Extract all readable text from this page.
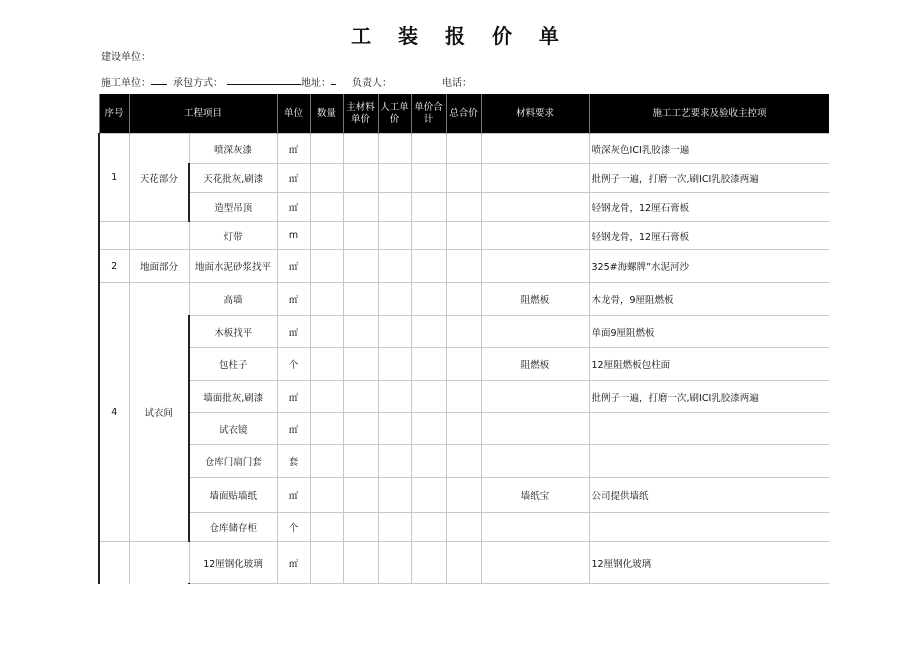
工 装 报 价 单
建设单位：
施工单位： 承包方式：	地址： 负责人：	电话：
序号	工程项目		单位	数量	主材料单价	人工单价	单价合计	总合价	材料要求	施工工艺要求及验收主控项
1	天花部分	喷深灰漆	㎡							喷深灰色ICI乳胶漆一遍
		天花批灰,刷漆	㎡							批例子一遍，打磨一次,刷ICI乳胶漆两遍
		造型吊顶	㎡							轻钢龙骨，12厘石膏板
		灯带	m							轻钢龙骨，12厘石膏板
2	地面部分	地面水泥砂浆找平	㎡							325#海螺牌”水泥河沙
4	试衣间	高墙	㎡						阻燃板	木龙骨，9厘阻燃板
		木板找平	㎡							单面9厘阻燃板
		包柱子	个						阻燃板	12厘阻燃板包柱面
		墙面批灰,刷漆	㎡							批例子一遍，打磨一次,刷ICI乳胶漆两遍
		试衣镜	㎡							
		仓库门扇门套	套							
		墙面贴墙纸	㎡						墙纸宝	公司提供墙纸
		仓库储存柜	个							
		12厘钢化玻璃	㎡							12厘钢化玻璃
